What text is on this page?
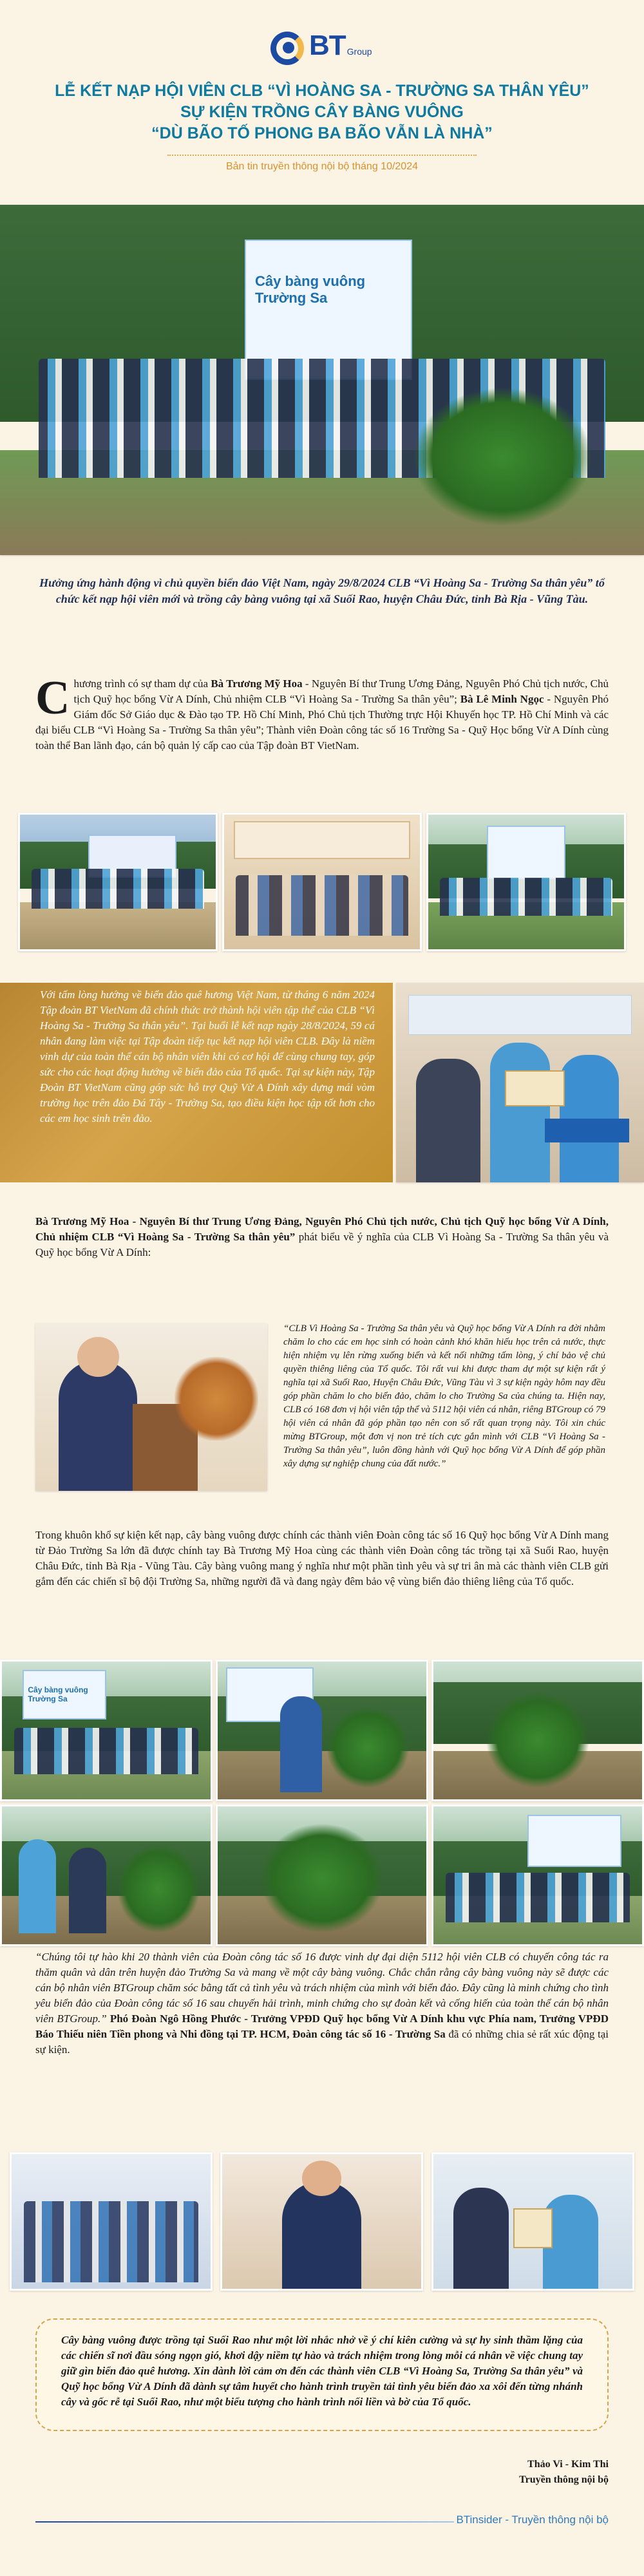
BT Group
LỄ KẾT NẠP HỘI VIÊN CLB “VÌ HOÀNG SA - TRƯỜNG SA THÂN YÊU”
SỰ KIỆN TRỒNG CÂY BÀNG VUÔNG
“DÙ BÃO TỐ PHONG BA BÃO VẪN LÀ NHÀ”
Bản tin truyền thông nội bộ tháng 10/2024
Cây bàng vuông Trường Sa
Hưởng ứng hành động vì chủ quyền biển đảo Việt Nam, ngày 29/8/2024 CLB “Vì Hoàng Sa - Trường Sa thân yêu” tổ chức kết nạp hội viên mới và trồng cây bàng vuông tại xã Suối Rao, huyện Châu Đức, tỉnh Bà Rịa - Vũng Tàu.
Chương trình có sự tham dự của Bà Trương Mỹ Hoa - Nguyên Bí thư Trung Ương Đảng, Nguyên Phó Chủ tịch nước, Chủ tịch Quỹ học bổng Vừ A Dính, Chủ nhiệm CLB “Vì Hoàng Sa - Trường Sa thân yêu”; Bà Lê Minh Ngọc - Nguyên Phó Giám đốc Sở Giáo dục & Đào tạo TP. Hồ Chí Minh, Phó Chủ tịch Thường trực Hội Khuyến học TP. Hồ Chí Minh và các đại biểu CLB “Vì Hoàng Sa - Trường Sa thân yêu”; Thành viên Đoàn công tác số 16 Trường Sa - Quỹ Học bổng Vừ A Dính cùng toàn thể Ban lãnh đạo, cán bộ quản lý cấp cao của Tập đoàn BT VietNam.
Với tấm lòng hướng về biển đảo quê hương Việt Nam, từ tháng 6 năm 2024 Tập đoàn BT VietNam đã chính thức trở thành hội viên tập thể của CLB “Vì Hoàng Sa - Trường Sa thân yêu”. Tại buổi lễ kết nạp ngày 28/8/2024, 59 cá nhân đang làm việc tại Tập đoàn tiếp tục kết nạp hội viên CLB. Đây là niềm vinh dự của toàn thể cán bộ nhân viên khi có cơ hội để cùng chung tay, góp sức cho các hoạt động hướng về biển đảo của Tổ quốc. Tại sự kiện này, Tập Đoàn BT VietNam cũng góp sức hỗ trợ Quỹ Vừ A Dính xây dựng mái vòm trường học trên đảo Đá Tây - Trường Sa, tạo điều kiện học tập tốt hơn cho các em học sinh trên đảo.
Bà Trương Mỹ Hoa - Nguyên Bí thư Trung Ương Đảng, Nguyên Phó Chủ tịch nước, Chủ tịch Quỹ học bổng Vừ A Dính, Chủ nhiệm CLB “Vì Hoàng Sa - Trường Sa thân yêu” phát biểu về ý nghĩa của CLB Vì Hoàng Sa - Trường Sa thân yêu và Quỹ học bổng Vừ A Dính:
“CLB Vì Hoàng Sa - Trường Sa thân yêu và Quỹ học bổng Vừ A Dính ra đời nhằm chăm lo cho các em học sinh có hoàn cảnh khó khăn hiếu học trên cả nước, thực hiện nhiệm vụ lên rừng xuống biển và kết nối những tấm lòng, ý chí bảo vệ chủ quyền thiêng liêng của Tổ quốc. Tôi rất vui khi được tham dự một sự kiện rất ý nghĩa tại xã Suối Rao, Huyện Châu Đức, Vũng Tàu vì 3 sự kiện ngày hôm nay đều góp phần chăm lo cho biển đảo, chăm lo cho Trường Sa của chúng ta. Hiện nay, CLB có 168 đơn vị hội viên tập thể và 5112 hội viên cá nhân, riêng BTGroup có 79 hội viên cá nhân đã góp phần tạo nên con số rất quan trọng này. Tôi xin chúc mừng BTGroup, một đơn vị non trẻ tích cực gắn mình với CLB “Vì Hoàng Sa - Trường Sa thân yêu”, luôn đồng hành với Quỹ học bổng Vừ A Dính để góp phần xây dựng sự nghiệp chung của đất nước.”
Trong khuôn khổ sự kiện kết nạp, cây bàng vuông được chính các thành viên Đoàn công tác số 16 Quỹ học bổng Vừ A Dính mang từ Đảo Trường Sa lớn đã được chính tay Bà Trương Mỹ Hoa cùng các thành viên Đoàn công tác trồng tại xã Suối Rao, huyện Châu Đức, tỉnh Bà Rịa - Vũng Tàu. Cây bàng vuông mang ý nghĩa như một phần tình yêu và sự tri ân mà các thành viên CLB gửi gắm đến các chiến sĩ bộ đội Trường Sa, những người đã và đang ngày đêm bảo vệ vùng biển đảo thiêng liêng của Tổ quốc.
Cây bàng vuông Trường Sa
“Chúng tôi tự hào khi 20 thành viên của Đoàn công tác số 16 được vinh dự đại diện 5112 hội viên CLB có chuyến công tác ra thăm quân và dân trên huyện đảo Trường Sa và mang về một cây bàng vuông. Chắc chắn rằng cây bàng vuông này sẽ được các cán bộ nhân viên BTGroup chăm sóc bằng tất cả tình yêu và trách nhiệm của mình với biển đảo. Đây cũng là minh chứng cho tình yêu biển đảo của Đoàn công tác số 16 sau chuyến hải trình, minh chứng cho sự đoàn kết và cống hiến của toàn thể cán bộ nhân viên BTGroup.” Phó Đoàn Ngô Hồng Phước - Trưởng VPĐD Quỹ học bổng Vừ A Dính khu vực Phía nam, Trưởng VPĐD Báo Thiếu niên Tiền phong và Nhi đồng tại TP. HCM, Đoàn công tác số 16 - Trường Sa đã có những chia sẻ rất xúc động tại sự kiện.
Cây bàng vuông được trồng tại Suối Rao như một lời nhắc nhở về ý chí kiên cường và sự hy sinh thầm lặng của các chiến sĩ nơi đầu sóng ngọn gió, khơi dậy niềm tự hào và trách nhiệm trong lòng mỗi cá nhân về việc chung tay giữ gìn biển đảo quê hương. Xin dành lời cảm ơn đến các thành viên CLB “Vì Hoàng Sa, Trường Sa thân yêu” và Quỹ học bổng Vừ A Dính đã dành sự tâm huyết cho hành trình truyền tải tình yêu biển đảo xa xôi đến từng nhánh cây và gốc rễ tại Suối Rao, như một biểu tượng cho hành trình nối liền và bờ của Tổ quốc.
Thảo Vi - Kim Thi
Truyền thông nội bộ
BTinsider - Truyền thông nội bộ
